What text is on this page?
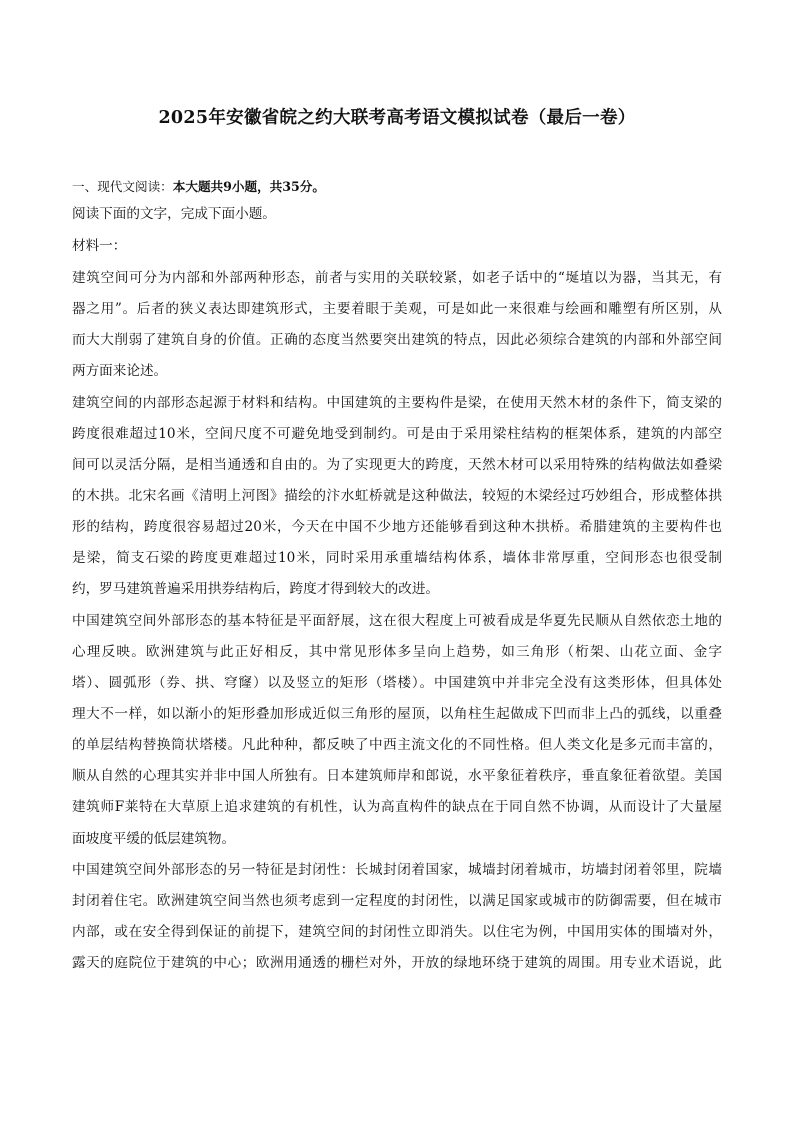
2025年安徽省皖之约大联考高考语文模拟试卷（最后一卷）
一、现代文阅读：本大题共9小题，共35分。
阅读下面的文字，完成下面小题。
材料一：
建筑空间可分为内部和外部两种形态，前者与实用的关联较紧，如老子话中的“埏埴以为器，当其无，有
器之用”。后者的狭义表达即建筑形式，主要着眼于美观，可是如此一来很难与绘画和雕塑有所区别，从
而大大削弱了建筑自身的价值。正确的态度当然要突出建筑的特点，因此必须综合建筑的内部和外部空间
两方面来论述。
建筑空间的内部形态起源于材料和结构。中国建筑的主要构件是梁，在使用天然木材的条件下，简支梁的
跨度很难超过10米，空间尺度不可避免地受到制约。可是由于采用梁柱结构的框架体系，建筑的内部空
间可以灵活分隔，是相当通透和自由的。为了实现更大的跨度，天然木材可以采用特殊的结构做法如叠梁
的木拱。北宋名画《清明上河图》描绘的汴水虹桥就是这种做法，较短的木梁经过巧妙组合，形成整体拱
形的结构，跨度很容易超过20米，今天在中国不少地方还能够看到这种木拱桥。希腊建筑的主要构件也
是梁，简支石梁的跨度更难超过10米，同时采用承重墙结构体系，墙体非常厚重，空间形态也很受制
约，罗马建筑普遍采用拱券结构后，跨度才得到较大的改进。
中国建筑空间外部形态的基本特征是平面舒展，这在很大程度上可被看成是华夏先民顺从自然依恋土地的
心理反映。欧洲建筑与此正好相反，其中常见形体多呈向上趋势，如三角形（桁架、山花立面、金字
塔）、圆弧形（券、拱、穹窿）以及竖立的矩形（塔楼）。中国建筑中并非完全没有这类形体，但具体处
理大不一样，如以渐小的矩形叠加形成近似三角形的屋顶，以角柱生起做成下凹而非上凸的弧线，以重叠
的单层结构替换筒状塔楼。凡此种种，都反映了中西主流文化的不同性格。但人类文化是多元而丰富的，
顺从自然的心理其实并非中国人所独有。日本建筑师岸和郎说，水平象征着秩序，垂直象征着欲望。美国
建筑师F莱特在大草原上追求建筑的有机性，认为高直构件的缺点在于同自然不协调，从而设计了大量屋
面坡度平缓的低层建筑物。
中国建筑空间外部形态的另一特征是封闭性：长城封闭着国家，城墙封闭着城市，坊墙封闭着邻里，院墙
封闭着住宅。欧洲建筑空间当然也须考虑到一定程度的封闭性，以满足国家或城市的防御需要，但在城市
内部，或在安全得到保证的前提下，建筑空间的封闭性立即消失。以住宅为例，中国用实体的围墙对外，
露天的庭院位于建筑的中心；欧洲用通透的栅栏对外，开放的绿地环绕于建筑的周围。用专业术语说，此
